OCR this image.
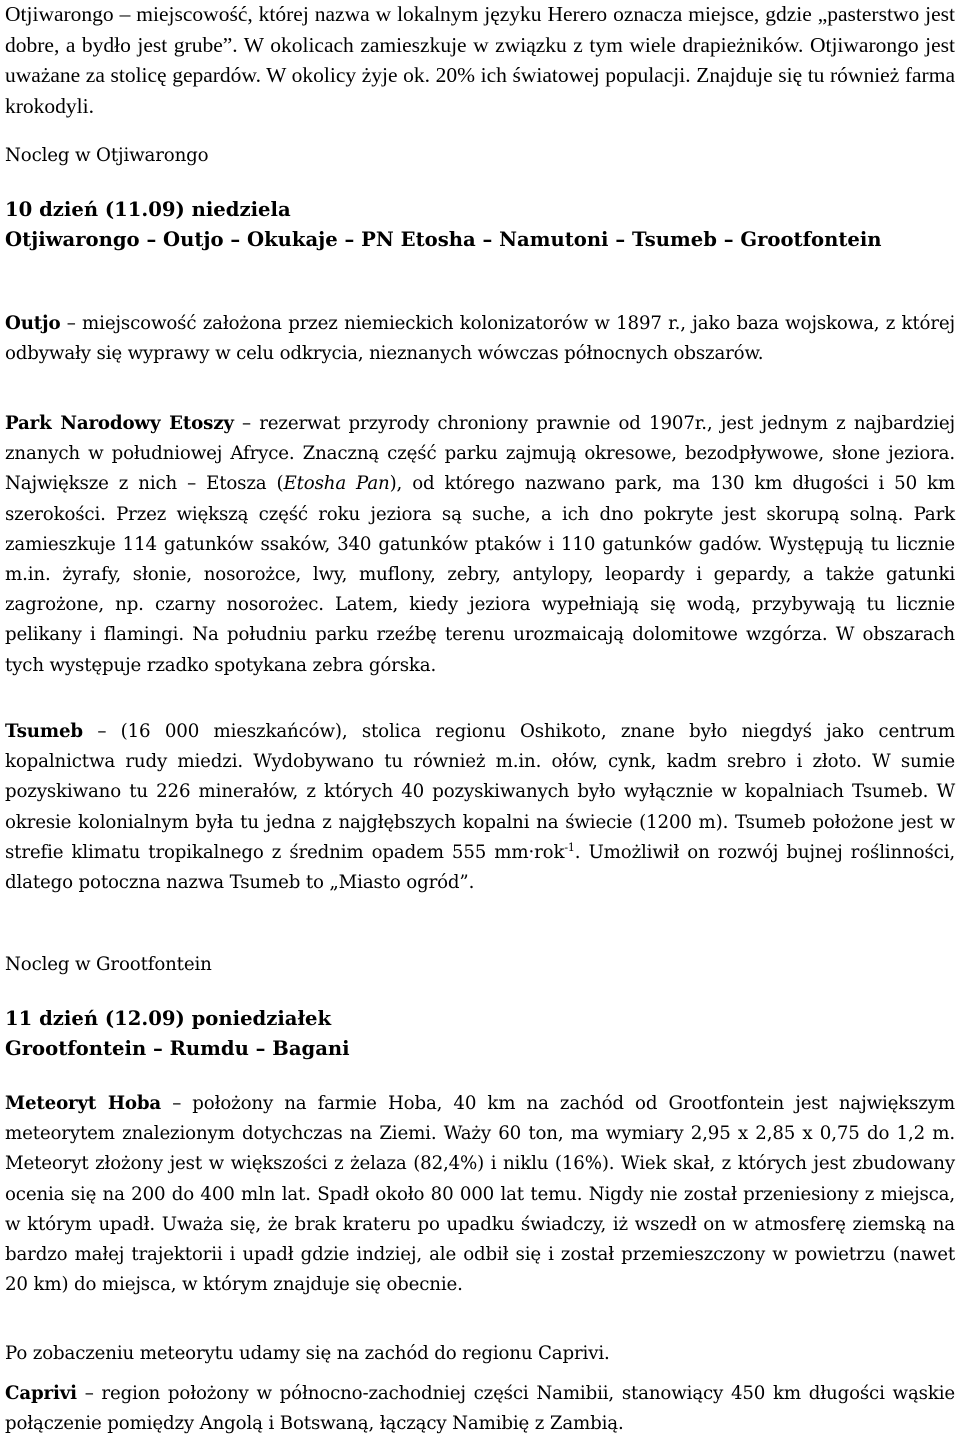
Otjiwarongo – miejscowość, której nazwa w lokalnym języku Herero oznacza miejsce, gdzie „pasterstwo jest dobre, a bydło jest grube”. W okolicach zamieszkuje w związku z tym wiele drapieżników. Otjiwarongo jest uważane za stolicę gepardów. W okolicy żyje ok. 20% ich światowej populacji. Znajduje się tu również farma krokodyli.

Nocleg w Otjiwarongo

10 dzień (11.09) niedziela

Otjiwarongo – Outjo – Okukaje – PN Etosha – Namutoni – Tsumeb – Grootfontein

Outjo – miejscowość założona przez niemieckich kolonizatorów w 1897 r., jako baza wojskowa, z której odbywały się wyprawy w celu odkrycia, nieznanych wówczas północnych obszarów.

Park Narodowy Etoszy – rezerwat przyrody chroniony prawnie od 1907r., jest jednym z najbardziej znanych w południowej Afryce. Znaczną część parku zajmują okresowe, bezodpływowe, słone jeziora. Największe z nich – Etosza (Etosha Pan), od którego nazwano park, ma 130 km długości i 50 km szerokości. Przez większą część roku jeziora są suche, a ich dno pokryte jest skorupą solną. Park zamieszkuje 114 gatunków ssaków, 340 gatunków ptaków i 110 gatunków gadów. Występują tu licznie m.in. żyrafy, słonie, nosorożce, lwy, muflony, zebry, antylopy, leopardy i gepardy, a także gatunki zagrożone, np. czarny nosorożec. Latem, kiedy jeziora wypełniają się wodą, przybywają tu licznie pelikany i flamingi. Na południu parku rzeźbę terenu urozmaicają dolomitowe wzgórza. W obszarach tych występuje rzadko spotykana zebra górska.

Tsumeb – (16 000 mieszkańców), stolica regionu Oshikoto, znane było niegdyś jako centrum kopalnictwa rudy miedzi. Wydobywano tu również m.in. ołów, cynk, kadm srebro i złoto. W sumie pozyskiwano tu 226 minerałów, z których 40 pozyskiwanych było wyłącznie w kopalniach Tsumeb. W okresie kolonialnym była tu jedna z najgłębszych kopalni na świecie (1200 m). Tsumeb położone jest w strefie klimatu tropikalnego z średnim opadem 555 mm·rok$^{-1}$. Umożliwił on rozwój bujnej roślinności, dlatego potoczna nazwa Tsumeb to „Miasto ogród”.

Nocleg w Grootfontein

11 dzień (12.09) poniedziałek

Grootfontein – Rumdu – Bagani

Meteoryt Hoba – położony na farmie Hoba, 40 km na zachód od Grootfontein jest największym meteorytem znalezionym dotychczas na Ziemi. Waży 60 ton, ma wymiary 2,95 x 2,85 x 0,75 do 1,2 m. Meteoryt złożony jest w większości z żelaza (82,4%) i niklu (16%). Wiek skał, z których jest zbudowany ocenia się na 200 do 400 mln lat. Spadł około 80 000 lat temu. Nigdy nie został przeniesiony z miejsca, w którym upadł. Uważa się, że brak krateru po upadku świadczy, iż wszedł on w atmosferę ziemską na bardzo małej trajektorii i upadł gdzie indziej, ale odbił się i został przemieszczony w powietrzu (nawet 20 km) do miejsca, w którym znajduje się obecnie.

Po zobaczeniu meteorytu udamy się na zachód do regionu Caprivi.

Caprivi – region położony w północno-zachodniej części Namibii, stanowiący 450 km długości wąskie połączenie pomiędzy Angolą i Botswaną, łączący Namibię z Zambią.
